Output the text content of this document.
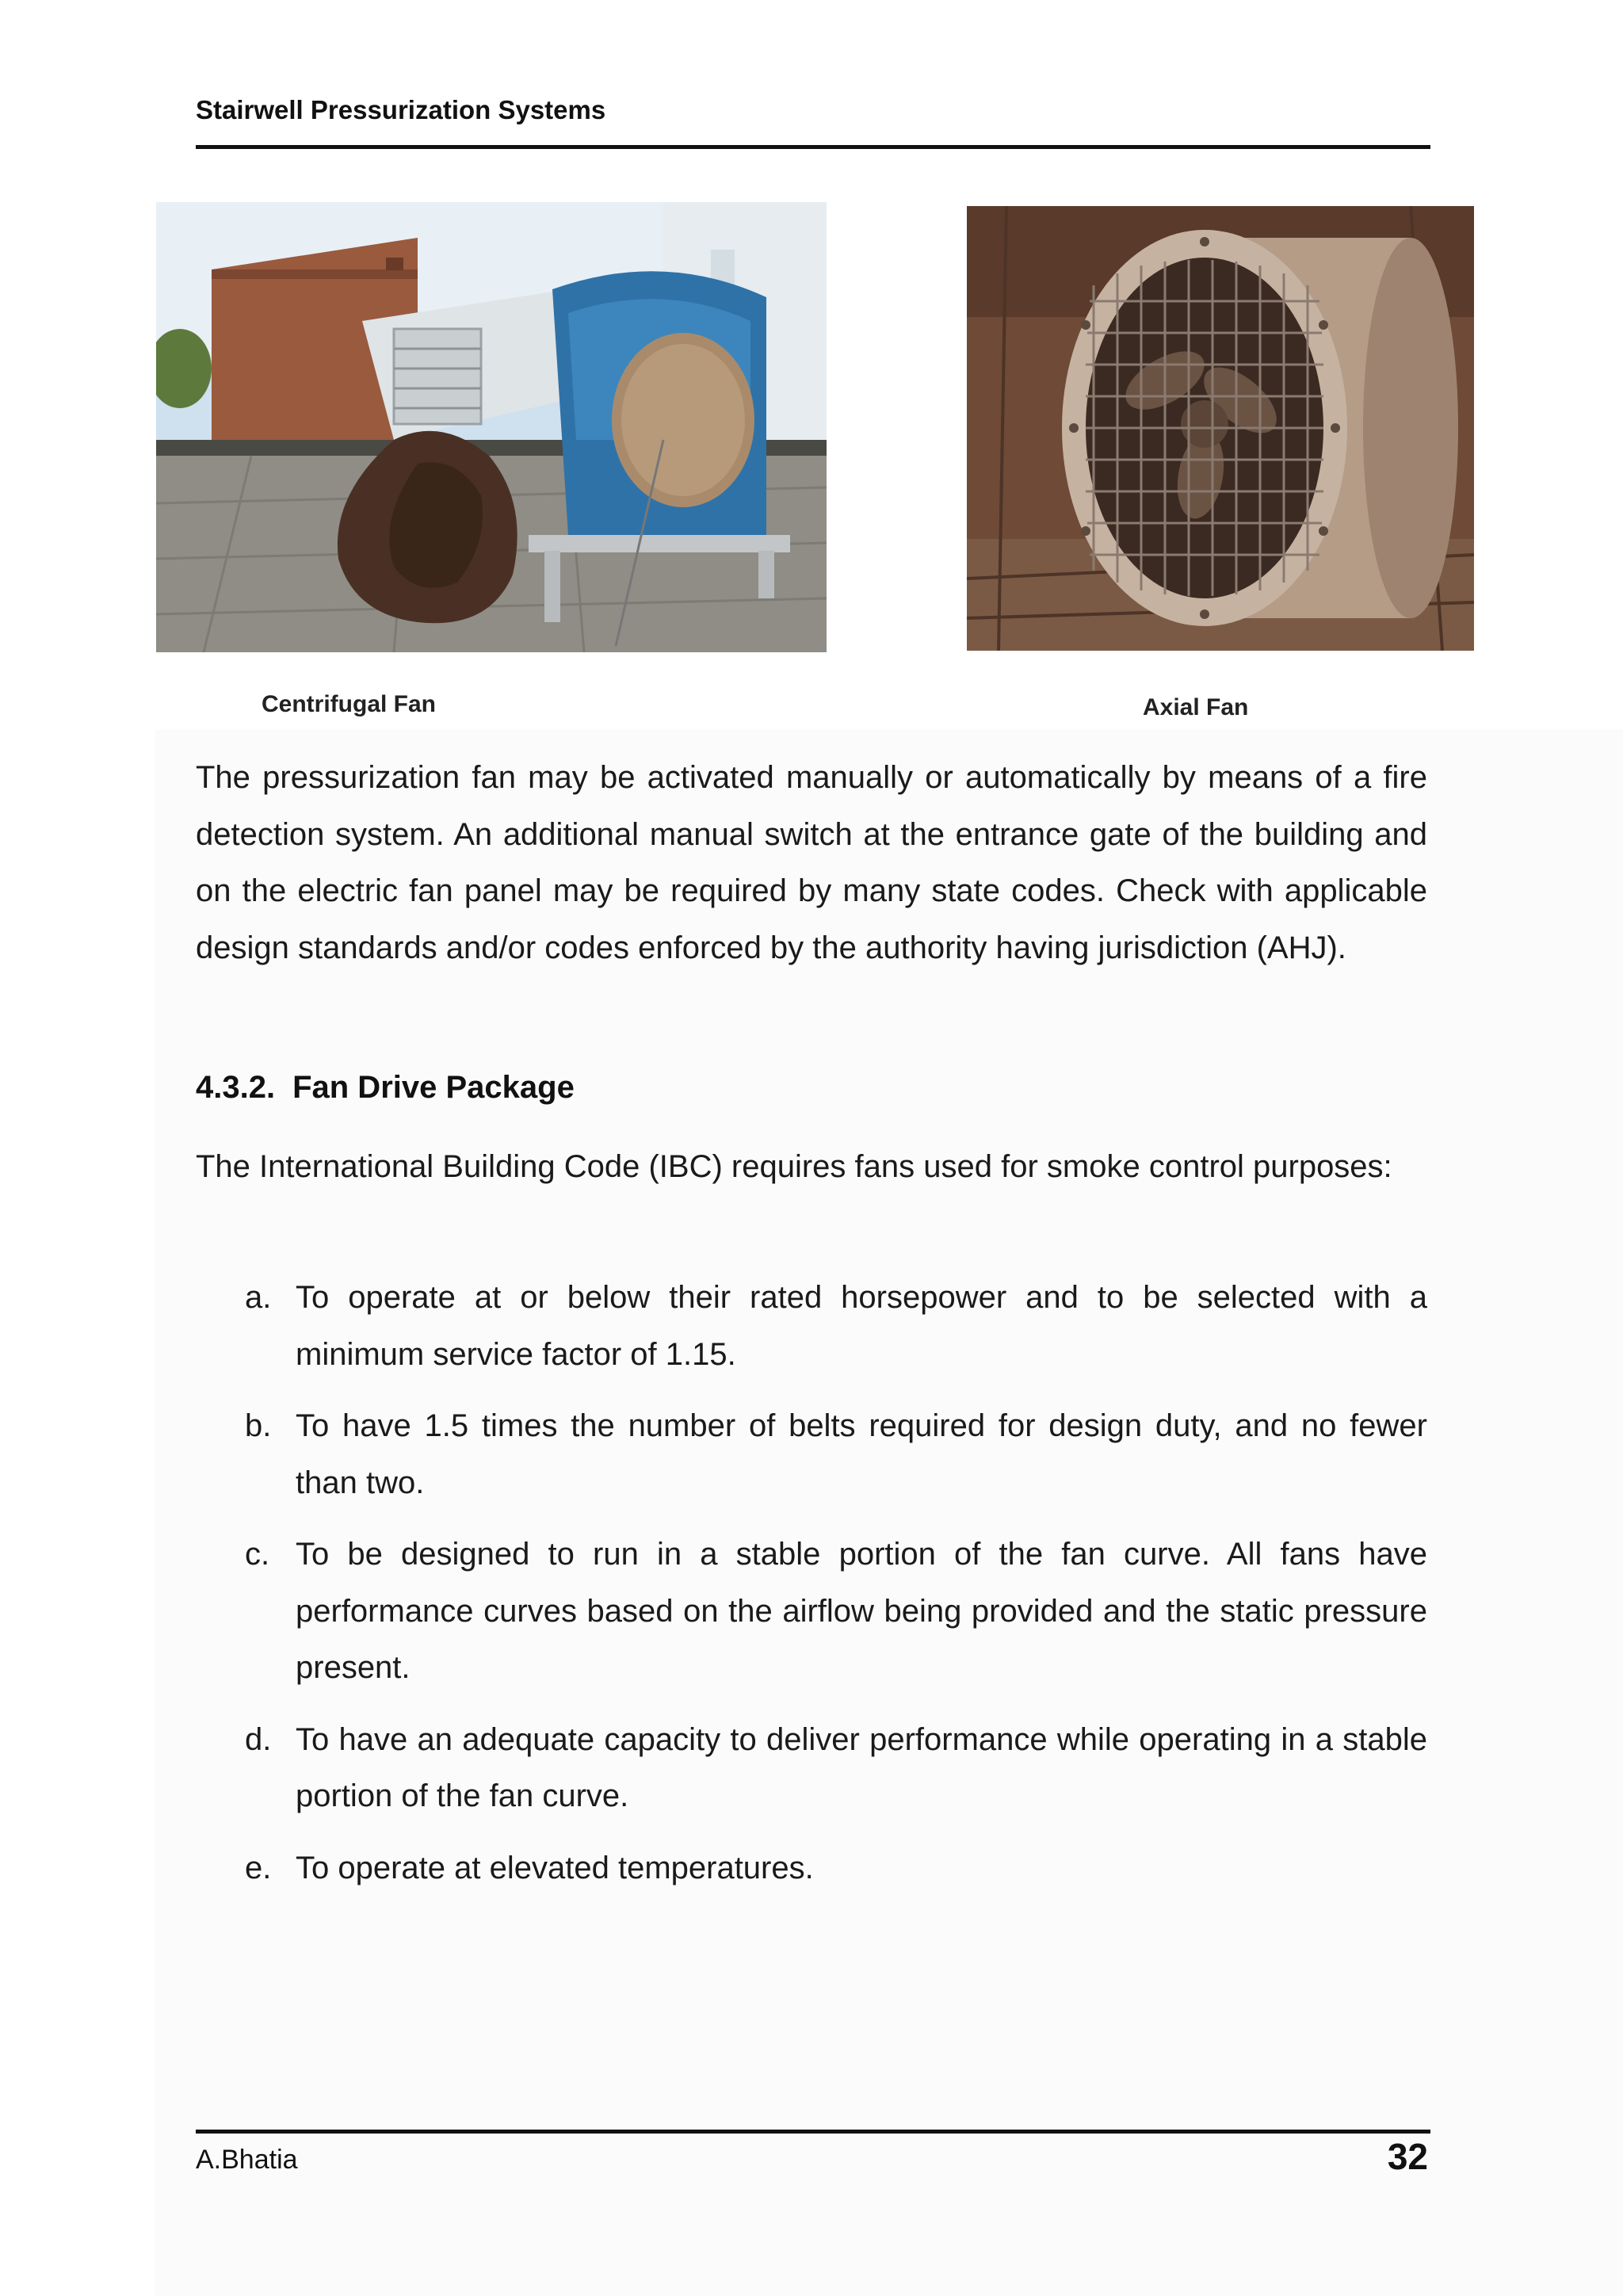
Stairwell Pressurization Systems
Centrifugal Fan	Axial Fan

The pressurization fan may be activated manually or automatically by means of a fire detection system. An additional manual switch at the entrance gate of the building and on the electric fan panel may be required by many state codes. Check with applicable design standards and/or codes enforced by the authority having jurisdiction (AHJ).

4.3.2. Fan Drive Package

The International Building Code (IBC) requires fans used for smoke control purposes:

a. To operate at or below their rated horsepower and to be selected with a minimum service factor of 1.15.
b. To have 1.5 times the number of belts required for design duty, and no fewer than two.
c. To be designed to run in a stable portion of the fan curve. All fans have performance curves based on the airflow being provided and the static pressure present.
d. To have an adequate capacity to deliver performance while operating in a stable portion of the fan curve.
e. To operate at elevated temperatures.
A.Bhatia	32
